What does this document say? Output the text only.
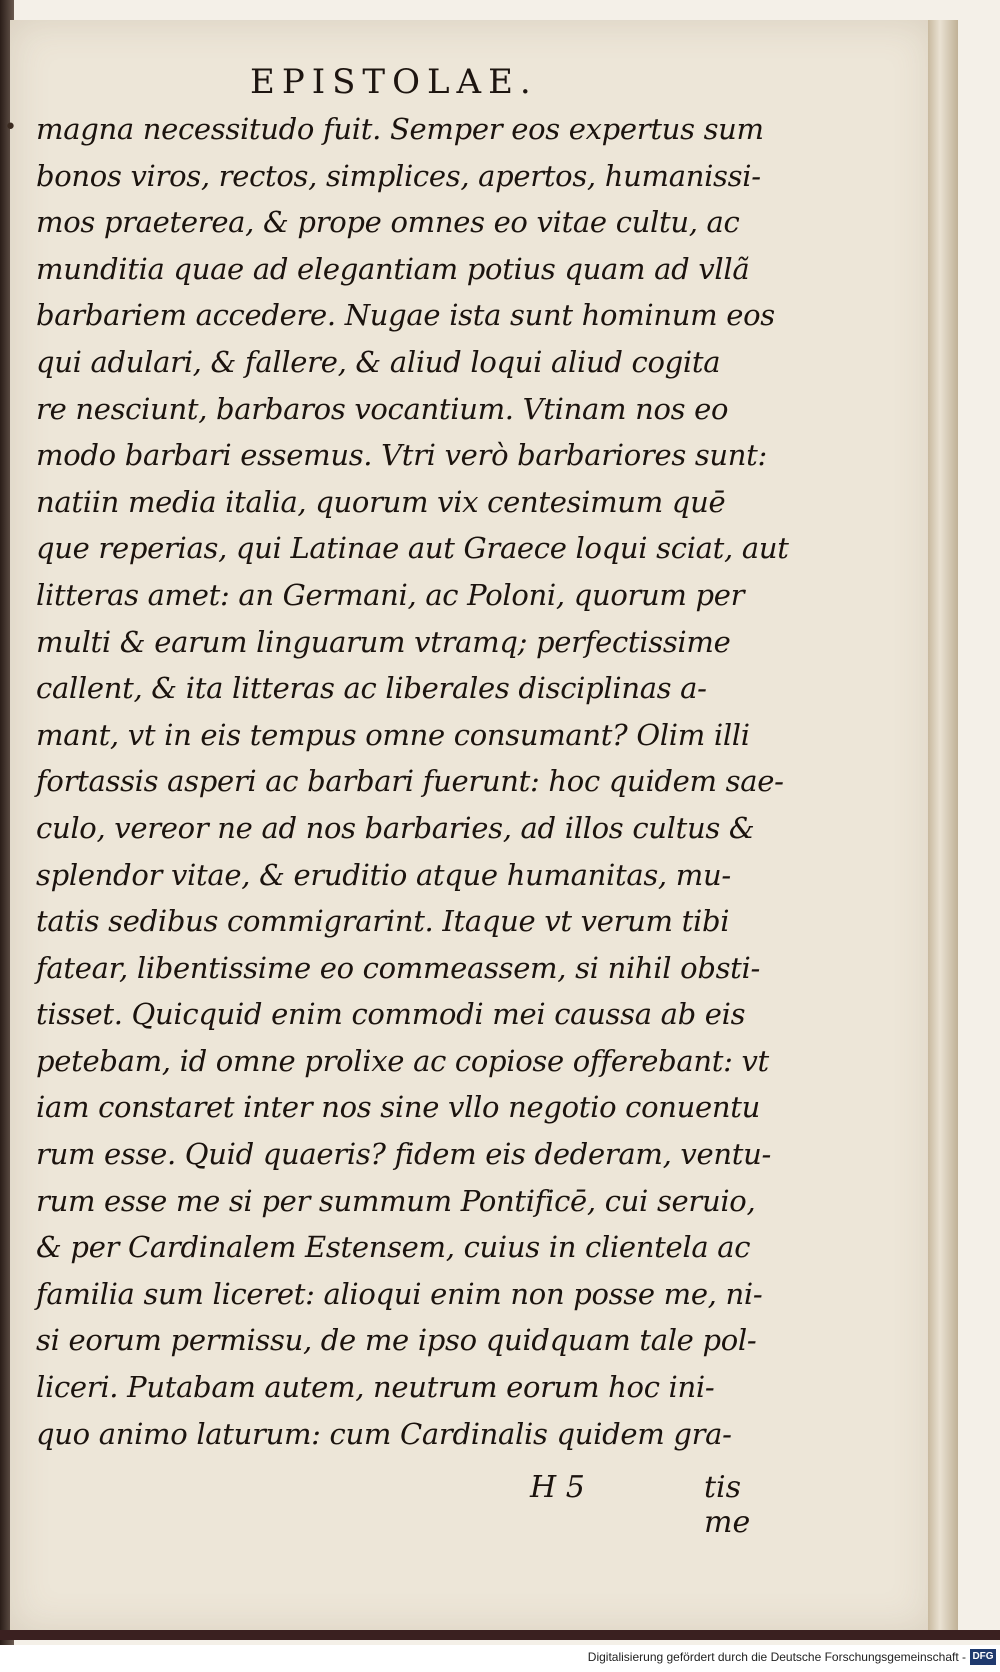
EPISTOLAE.
• magna necessitudo fuit. Semper eos expertus sum
bonos viros, rectos, simplices, apertos, humanissi-
mos praeterea, & prope omnes eo vitae cultu, ac
munditia quae ad elegantiam potius quam ad vllã
barbariem accedere. Nugae ista sunt hominum eos
qui adulari, & fallere, & aliud loqui aliud cogita
re nesciunt, barbaros vocantium. Vtinam nos eo
modo barbari essemus. Vtri verò barbariores sunt:
natiin media italia, quorum vix centesimum quē
que reperias, qui Latinae aut Graece loqui sciat, aut
litteras amet: an Germani, ac Poloni, quorum per
multi & earum linguarum vtramq; perfectissime
callent, & ita litteras ac liberales disciplinas a-
mant, vt in eis tempus omne consumant? Olim illi
fortassis asperi ac barbari fuerunt: hoc quidem sae-
culo, vereor ne ad nos barbaries, ad illos cultus &
splendor vitae, & eruditio atque humanitas, mu-
tatis sedibus commigrarint. Itaque vt verum tibi
fatear, libentissime eo commeassem, si nihil obsti-
tisset. Quicquid enim commodi mei caussa ab eis
petebam, id omne prolixe ac copiose offerebant: vt
iam constaret inter nos sine vllo negotio conuentu
rum esse. Quid quaeris? fidem eis dederam, ventu-
rum esse me si per summum Pontificē, cui seruio,
& per Cardinalem Estensem, cuius in clientela ac
familia sum liceret: alioqui enim non posse me, ni-
si eorum permissu, de me ipso quidquam tale pol-
liceri. Putabam autem, neutrum eorum hoc ini-
quo animo laturum: cum Cardinalis quidem gra-
H 5	tis me
Digitalisierung gefördert durch die Deutsche Forschungsgemeinschaft - DFG
